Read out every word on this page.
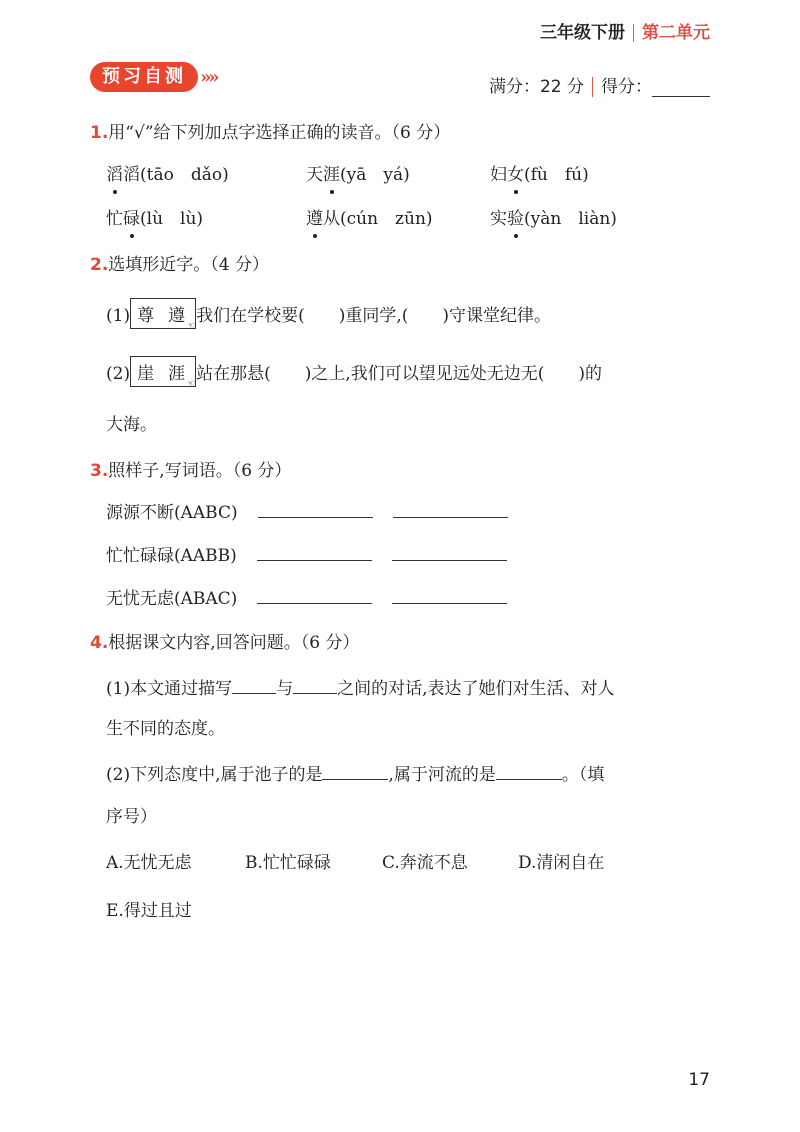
三年级下册 第二单元
预习自测 »»	满分：22 分 得分：
1.用“√”给下列加点字选择正确的读音。（6 分）
滔滔(tāo　dǎo)	天涯(yā　yá)	妇女(fù　fú)
忙碌(lù　lù)	遵从(cún　zūn)	实验(yàn　liàn)
2.选填形近字。（4 分）
(1) 尊 遵
☜
我们在学校要( )重同学,( )守课堂纪律。
(2) 崖 涯
☜
站在那悬( )之上,我们可以望见远处无边无( )的
大海。
3.照样子,写词语。（6 分）
源源不断(AABC)
忙忙碌碌(AABB)
无忧无虑(ABAC)
4.根据课文内容,回答问题。（6 分）
(1)本文通过描写	与	之间的对话,表达了她们对生活、对人
生不同的态度。
(2)下列态度中,属于池子的是	,属于河流的是	。（填
序号）
A.无忧无虑	B.忙忙碌碌	C.奔流不息	D.清闲自在
E.得过且过
17
